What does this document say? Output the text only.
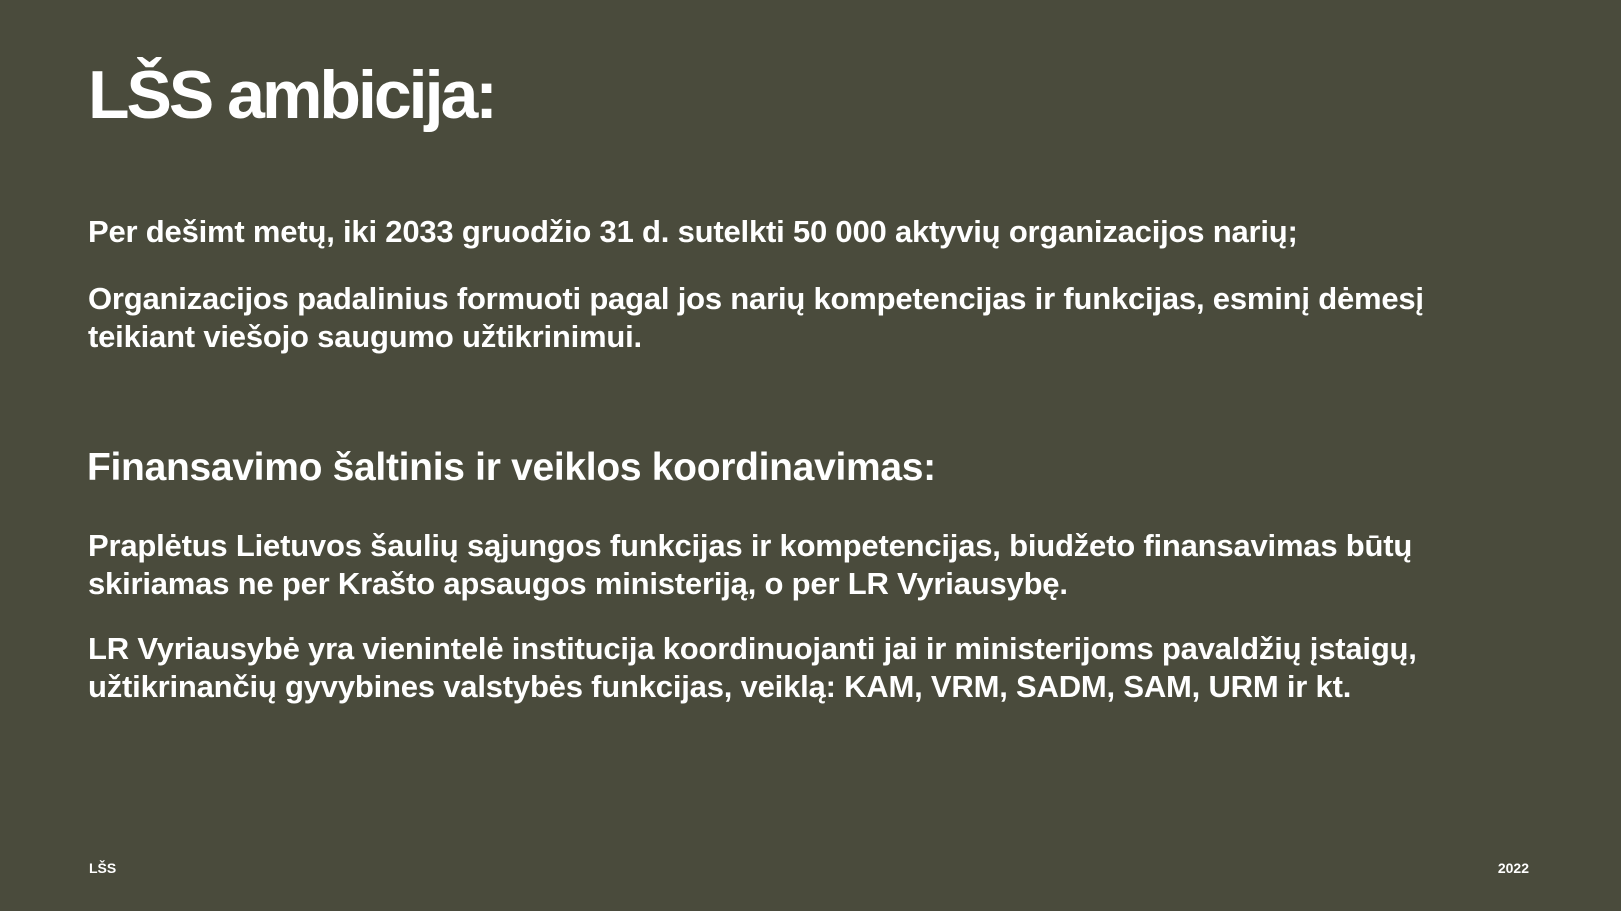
LŠS ambicija:

Per dešimt metų, iki 2033 gruodžio 31 d. sutelkti 50 000 aktyvių organizacijos narių;

Organizacijos padalinius formuoti pagal jos narių kompetencijas ir funkcijas, esminį dėmesį teikiant viešojo saugumo užtikrinimui.

Finansavimo šaltinis ir veiklos koordinavimas:

Praplėtus Lietuvos šaulių sąjungos funkcijas ir kompetencijas, biudžeto finansavimas būtų skiriamas ne per Krašto apsaugos ministeriją, o per LR Vyriausybę.

LR Vyriausybė yra vienintelė institucija koordinuojanti jai ir ministerijoms pavaldžių įstaigų, užtikrinančių gyvybines valstybės funkcijas, veiklą: KAM, VRM, SADM, SAM, URM ir kt.

LŠS	2022
